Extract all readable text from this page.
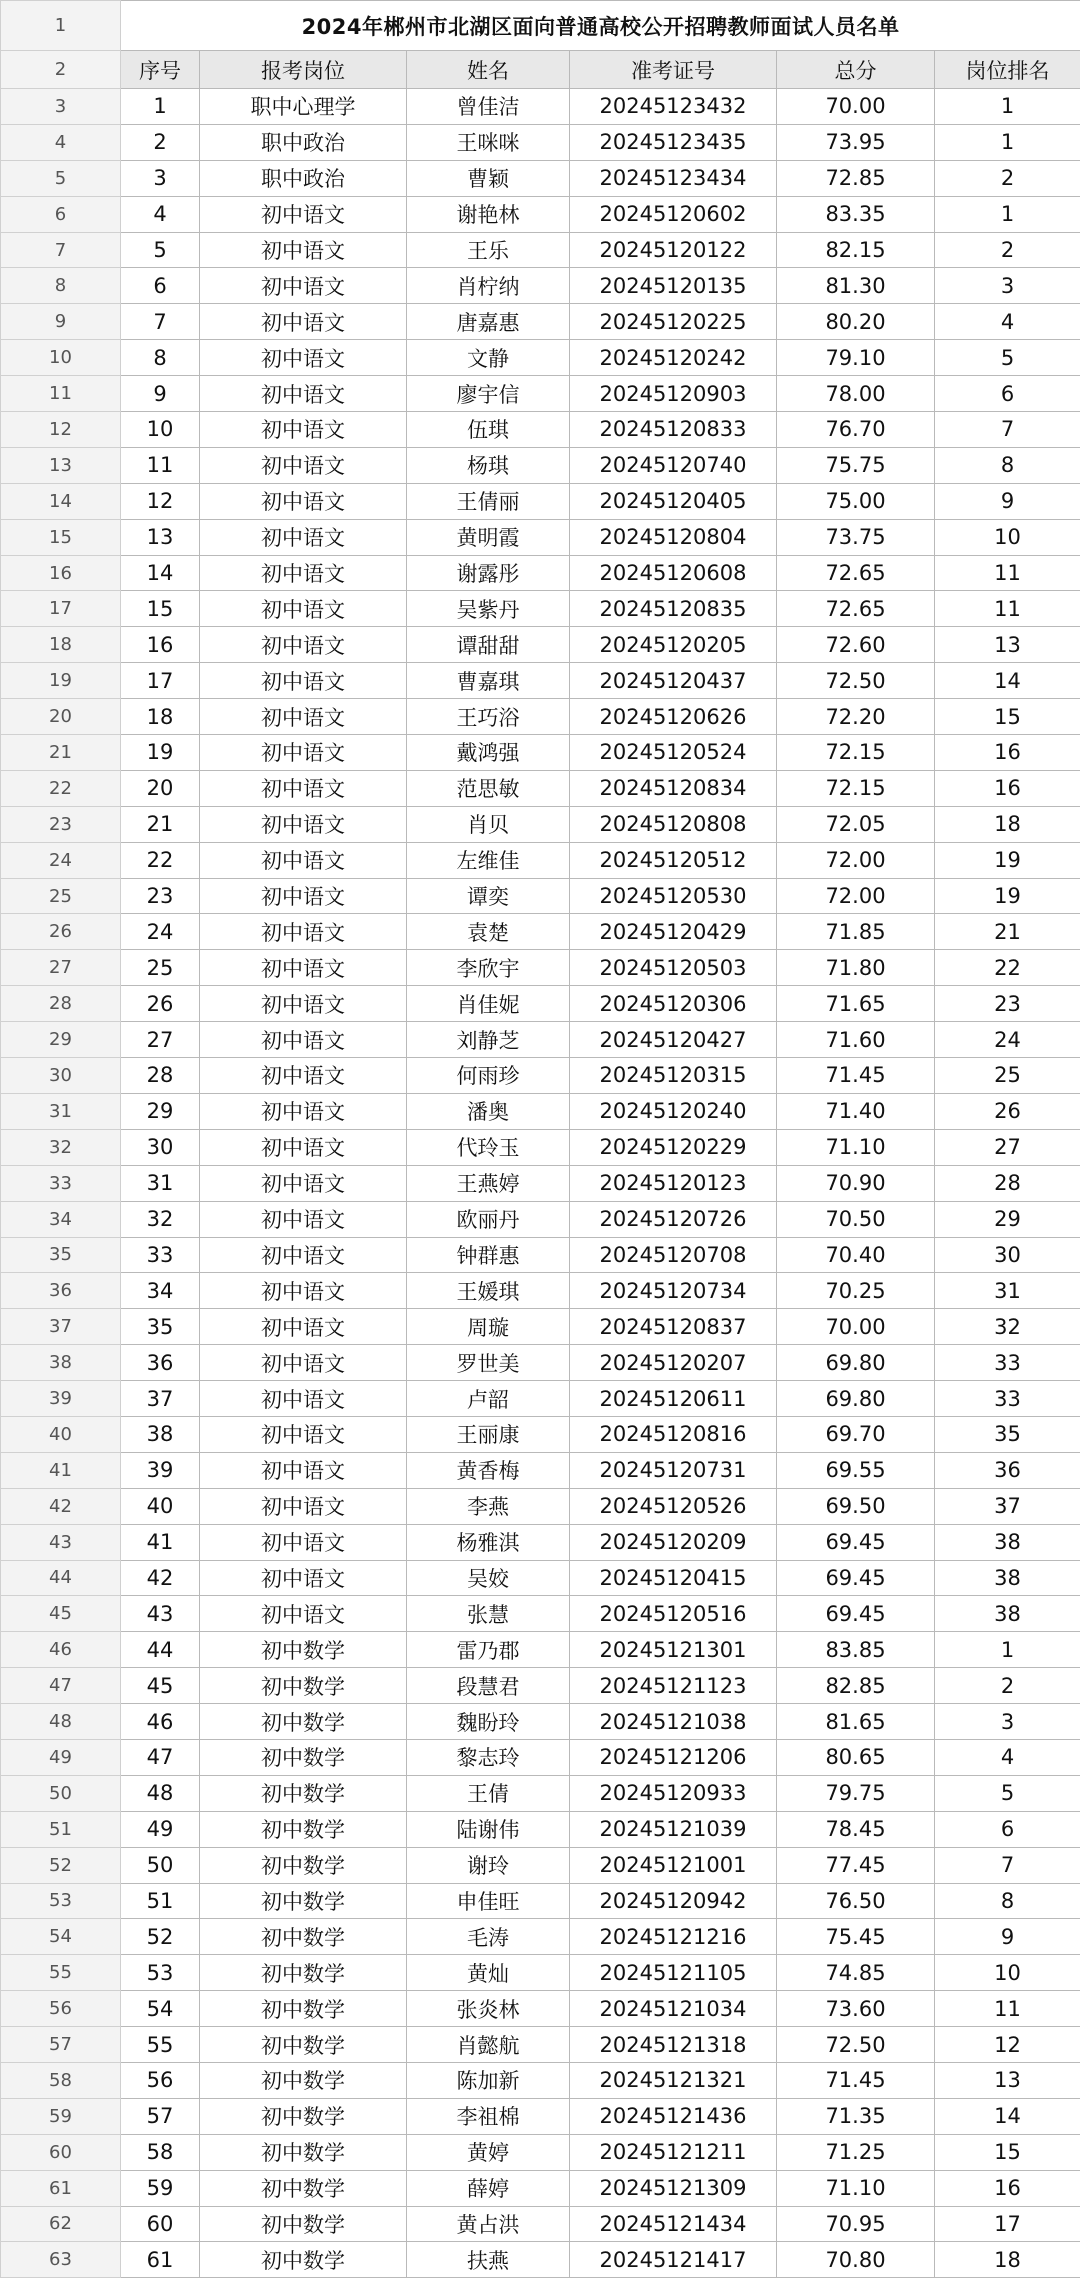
1	2024年郴州市北湖区面向普通高校公开招聘教师面试人员名单					
2	序号	报考岗位	姓名	准考证号	总分	岗位排名
3	1	职中心理学	曾佳洁	20245123432	70.00	1
4	2	职中政治	王咪咪	20245123435	73.95	1
5	3	职中政治	曹颖	20245123434	72.85	2
6	4	初中语文	谢艳林	20245120602	83.35	1
7	5	初中语文	王乐	20245120122	82.15	2
8	6	初中语文	肖柠纳	20245120135	81.30	3
9	7	初中语文	唐嘉惠	20245120225	80.20	4
10	8	初中语文	文静	20245120242	79.10	5
11	9	初中语文	廖宇信	20245120903	78.00	6
12	10	初中语文	伍琪	20245120833	76.70	7
13	11	初中语文	杨琪	20245120740	75.75	8
14	12	初中语文	王倩丽	20245120405	75.00	9
15	13	初中语文	黄明霞	20245120804	73.75	10
16	14	初中语文	谢露彤	20245120608	72.65	11
17	15	初中语文	吴紫丹	20245120835	72.65	11
18	16	初中语文	谭甜甜	20245120205	72.60	13
19	17	初中语文	曹嘉琪	20245120437	72.50	14
20	18	初中语文	王巧浴	20245120626	72.20	15
21	19	初中语文	戴鸿强	20245120524	72.15	16
22	20	初中语文	范思敏	20245120834	72.15	16
23	21	初中语文	肖贝	20245120808	72.05	18
24	22	初中语文	左维佳	20245120512	72.00	19
25	23	初中语文	谭奕	20245120530	72.00	19
26	24	初中语文	袁楚	20245120429	71.85	21
27	25	初中语文	李欣宇	20245120503	71.80	22
28	26	初中语文	肖佳妮	20245120306	71.65	23
29	27	初中语文	刘静芝	20245120427	71.60	24
30	28	初中语文	何雨珍	20245120315	71.45	25
31	29	初中语文	潘奥	20245120240	71.40	26
32	30	初中语文	代玲玉	20245120229	71.10	27
33	31	初中语文	王燕婷	20245120123	70.90	28
34	32	初中语文	欧丽丹	20245120726	70.50	29
35	33	初中语文	钟群惠	20245120708	70.40	30
36	34	初中语文	王媛琪	20245120734	70.25	31
37	35	初中语文	周璇	20245120837	70.00	32
38	36	初中语文	罗世美	20245120207	69.80	33
39	37	初中语文	卢韶	20245120611	69.80	33
40	38	初中语文	王丽康	20245120816	69.70	35
41	39	初中语文	黄香梅	20245120731	69.55	36
42	40	初中语文	李燕	20245120526	69.50	37
43	41	初中语文	杨雅淇	20245120209	69.45	38
44	42	初中语文	吴姣	20245120415	69.45	38
45	43	初中语文	张慧	20245120516	69.45	38
46	44	初中数学	雷乃郡	20245121301	83.85	1
47	45	初中数学	段慧君	20245121123	82.85	2
48	46	初中数学	魏盼玲	20245121038	81.65	3
49	47	初中数学	黎志玲	20245121206	80.65	4
50	48	初中数学	王倩	20245120933	79.75	5
51	49	初中数学	陆谢伟	20245121039	78.45	6
52	50	初中数学	谢玲	20245121001	77.45	7
53	51	初中数学	申佳旺	20245120942	76.50	8
54	52	初中数学	毛涛	20245121216	75.45	9
55	53	初中数学	黄灿	20245121105	74.85	10
56	54	初中数学	张炎林	20245121034	73.60	11
57	55	初中数学	肖懿航	20245121318	72.50	12
58	56	初中数学	陈加新	20245121321	71.45	13
59	57	初中数学	李祖棉	20245121436	71.35	14
60	58	初中数学	黄婷	20245121211	71.25	15
61	59	初中数学	薛婷	20245121309	71.10	16
62	60	初中数学	黄占洪	20245121434	70.95	17
63	61	初中数学	扶燕	20245121417	70.80	18
